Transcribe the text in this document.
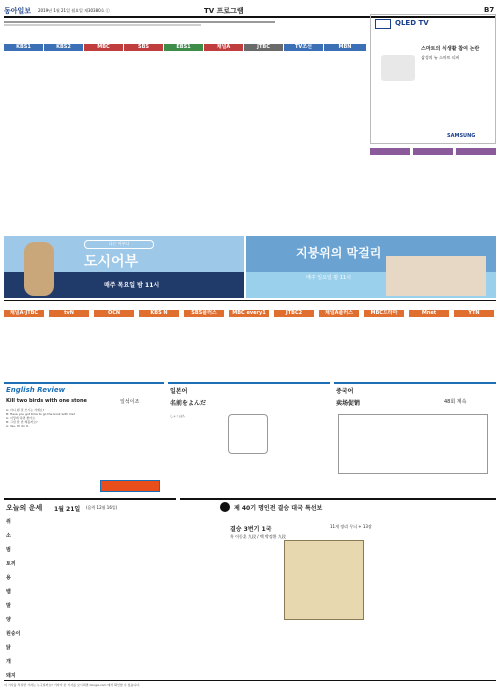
동아일보 2019년 1월 21일 월요일 제30380호 ⓒ	TV 프로그램	B7
KBS1	KBS2	MBC	SBS	EBS1	채널A	JTBC	TV조선	MBN
QLED TV
스마트의 식생활 참여 논란
삼성의 뉴 스마트 티비
SAMSUNG
나는 어부다
도시어부
매주 목요일 밤 11시
지붕위의 막걸리
매주 일요일 밤 11시
채널A·JTBC	tvN	OCN	KBS N	SBS플러스	MBC every1	JTBC2	채널A플러스	MBC드라마	Mnet	YTN
English Review
Kill two birds with one stone	일석이조
A: 아니 웬 걸 쓰시는 거예요?
B: Have you got time to go the book with me?
A: 이렇게 하면 좋아요
B: 그럼 한 번 해볼까요?
A: Yes, I'll do it.
일본어
名前をよんだ
しゃくはち
중국어
卖场促销	48회 계속
오늘의 운세 1월 21일 (음력 12월 16일)
쥐
소
범
토끼
용
뱀
말
양
원숭이
닭
개
돼지
제 40기 명인전 결승 대국 특선보
결승 3번기 1국
흑 이동훈 九段 / 백 박정환 九段
11개 정리 무늬 + 13장
이 기사를 작성한 기자는 누구일까요? 기자가 쓴 기사를 보시려면 dongA.com 에서 확인할 수 있습니다.
